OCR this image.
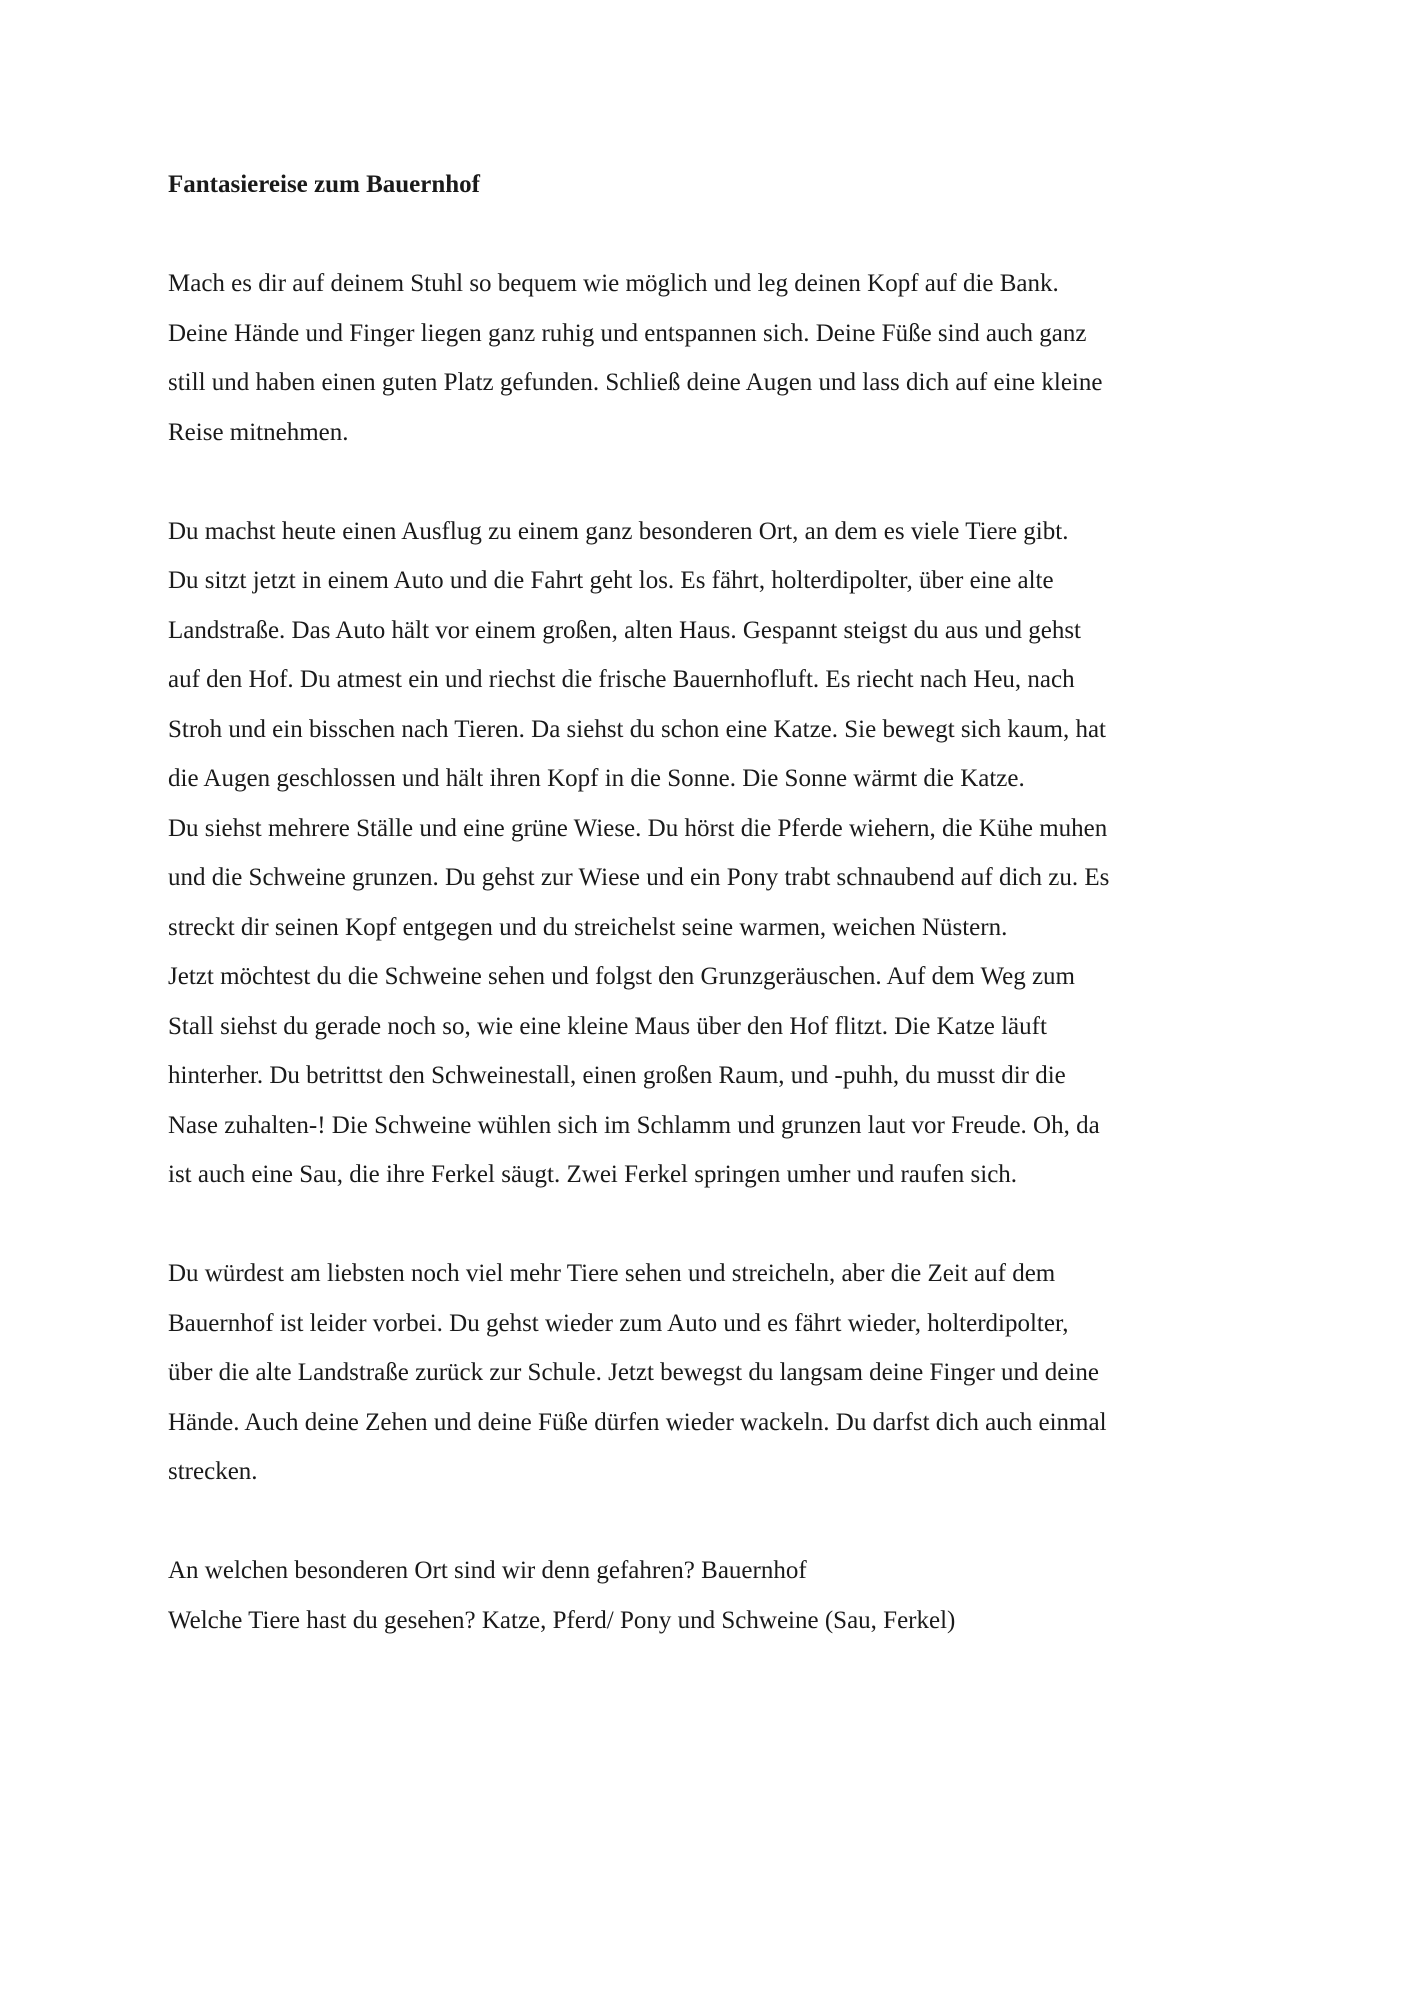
Fantasiereise zum Bauernhof

Mach es dir auf deinem Stuhl so bequem wie möglich und leg deinen Kopf auf die Bank.
Deine Hände und Finger liegen ganz ruhig und entspannen sich. Deine Füße sind auch ganz
still und haben einen guten Platz gefunden. Schließ deine Augen und lass dich auf eine kleine
Reise mitnehmen.

Du machst heute einen Ausflug zu einem ganz besonderen Ort, an dem es viele Tiere gibt.
Du sitzt jetzt in einem Auto und die Fahrt geht los. Es fährt, holterdipolter, über eine alte
Landstraße. Das Auto hält vor einem großen, alten Haus. Gespannt steigst du aus und gehst
auf den Hof. Du atmest ein und riechst die frische Bauernhofluft. Es riecht nach Heu, nach
Stroh und ein bisschen nach Tieren. Da siehst du schon eine Katze. Sie bewegt sich kaum, hat
die Augen geschlossen und hält ihren Kopf in die Sonne. Die Sonne wärmt die Katze.
Du siehst mehrere Ställe und eine grüne Wiese. Du hörst die Pferde wiehern, die Kühe muhen
und die Schweine grunzen. Du gehst zur Wiese und ein Pony trabt schnaubend auf dich zu. Es
streckt dir seinen Kopf entgegen und du streichelst seine warmen, weichen Nüstern.
Jetzt möchtest du die Schweine sehen und folgst den Grunzgeräuschen. Auf dem Weg zum
Stall siehst du gerade noch so, wie eine kleine Maus über den Hof flitzt. Die Katze läuft
hinterher. Du betrittst den Schweinestall, einen großen Raum, und -puhh, du musst dir die
Nase zuhalten-! Die Schweine wühlen sich im Schlamm und grunzen laut vor Freude. Oh, da
ist auch eine Sau, die ihre Ferkel säugt. Zwei Ferkel springen umher und raufen sich.

Du würdest am liebsten noch viel mehr Tiere sehen und streicheln, aber die Zeit auf dem
Bauernhof ist leider vorbei. Du gehst wieder zum Auto und es fährt wieder, holterdipolter,
über die alte Landstraße zurück zur Schule. Jetzt bewegst du langsam deine Finger und deine
Hände. Auch deine Zehen und deine Füße dürfen wieder wackeln. Du darfst dich auch einmal
strecken.

An welchen besonderen Ort sind wir denn gefahren? Bauernhof
Welche Tiere hast du gesehen? Katze, Pferd/ Pony und Schweine (Sau, Ferkel)
